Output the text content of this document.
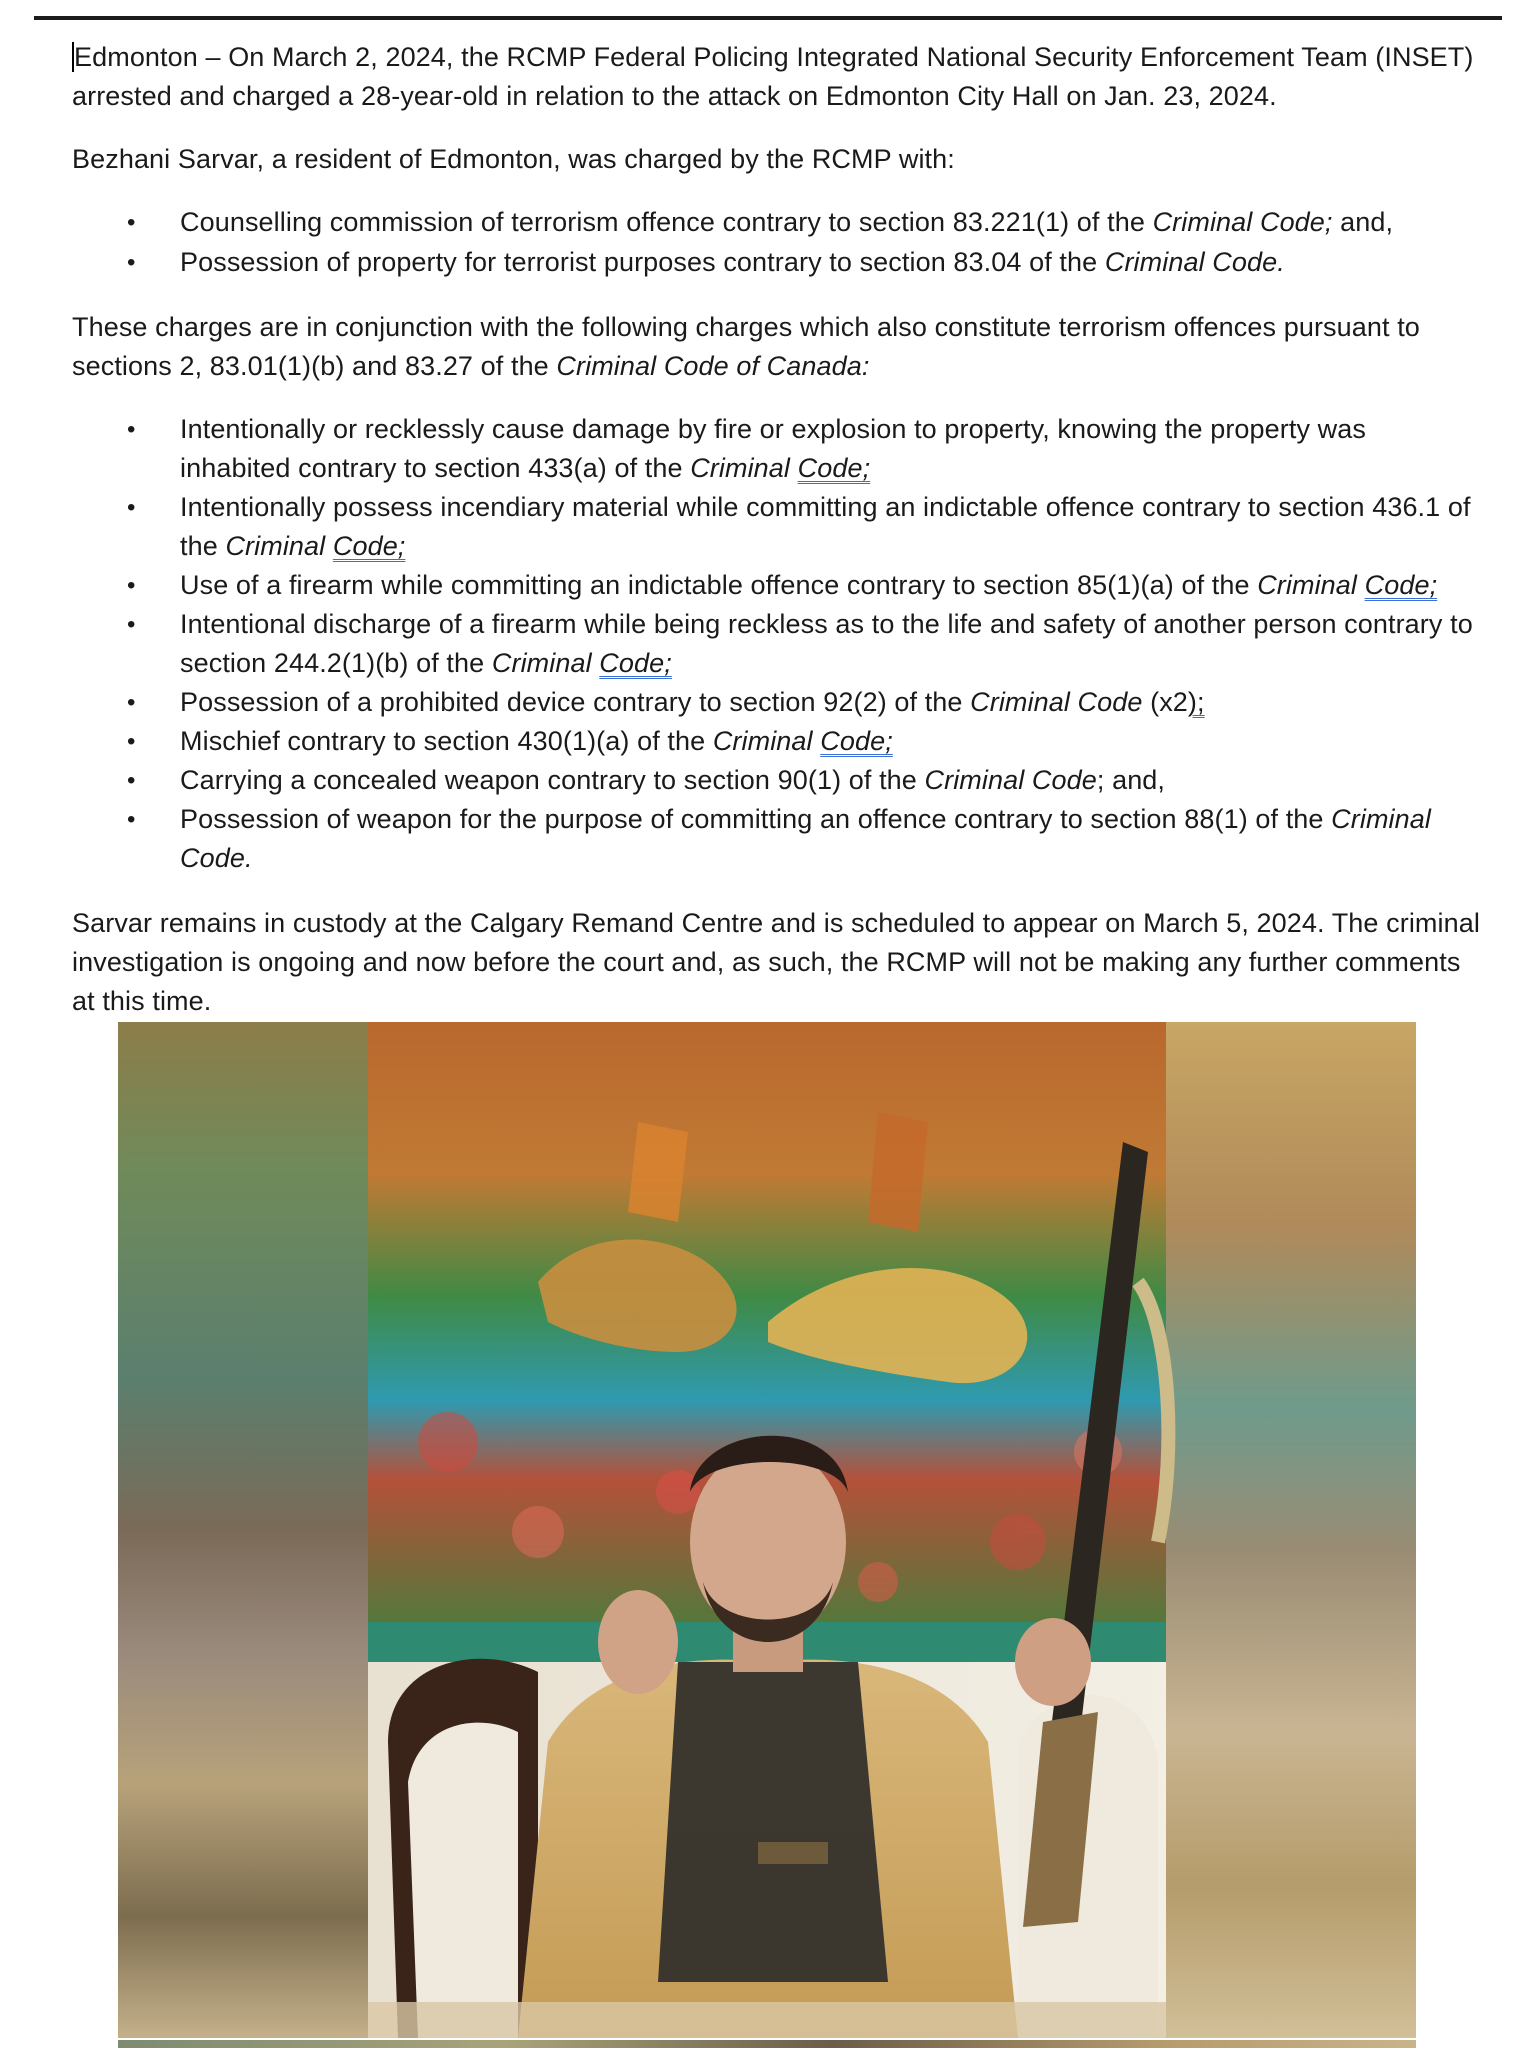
Edmonton – On March 2, 2024, the RCMP Federal Policing Integrated National Security Enforcement Team (INSET) arrested and charged a 28-year-old in relation to the attack on Edmonton City Hall on Jan. 23, 2024.

Bezhani Sarvar, a resident of Edmonton, was charged by the RCMP with:

• Counselling commission of terrorism offence contrary to section 83.221(1) of the Criminal Code; and,
• Possession of property for terrorist purposes contrary to section 83.04 of the Criminal Code.

These charges are in conjunction with the following charges which also constitute terrorism offences pursuant to sections 2, 83.01(1)(b) and 83.27 of the Criminal Code of Canada:

• Intentionally or recklessly cause damage by fire or explosion to property, knowing the property was inhabited contrary to section 433(a) of the Criminal Code;
• Intentionally possess incendiary material while committing an indictable offence contrary to section 436.1 of the Criminal Code;
• Use of a firearm while committing an indictable offence contrary to section 85(1)(a) of the Criminal Code;
• Intentional discharge of a firearm while being reckless as to the life and safety of another person contrary to section 244.2(1)(b) of the Criminal Code;
• Possession of a prohibited device contrary to section 92(2) of the Criminal Code (x2);
• Mischief contrary to section 430(1)(a) of the Criminal Code;
• Carrying a concealed weapon contrary to section 90(1) of the Criminal Code; and,
• Possession of weapon for the purpose of committing an offence contrary to section 88(1) of the Criminal Code.

Sarvar remains in custody at the Calgary Remand Centre and is scheduled to appear on March 5, 2024. The criminal investigation is ongoing and now before the court and, as such, the RCMP will not be making any further comments at this time.
